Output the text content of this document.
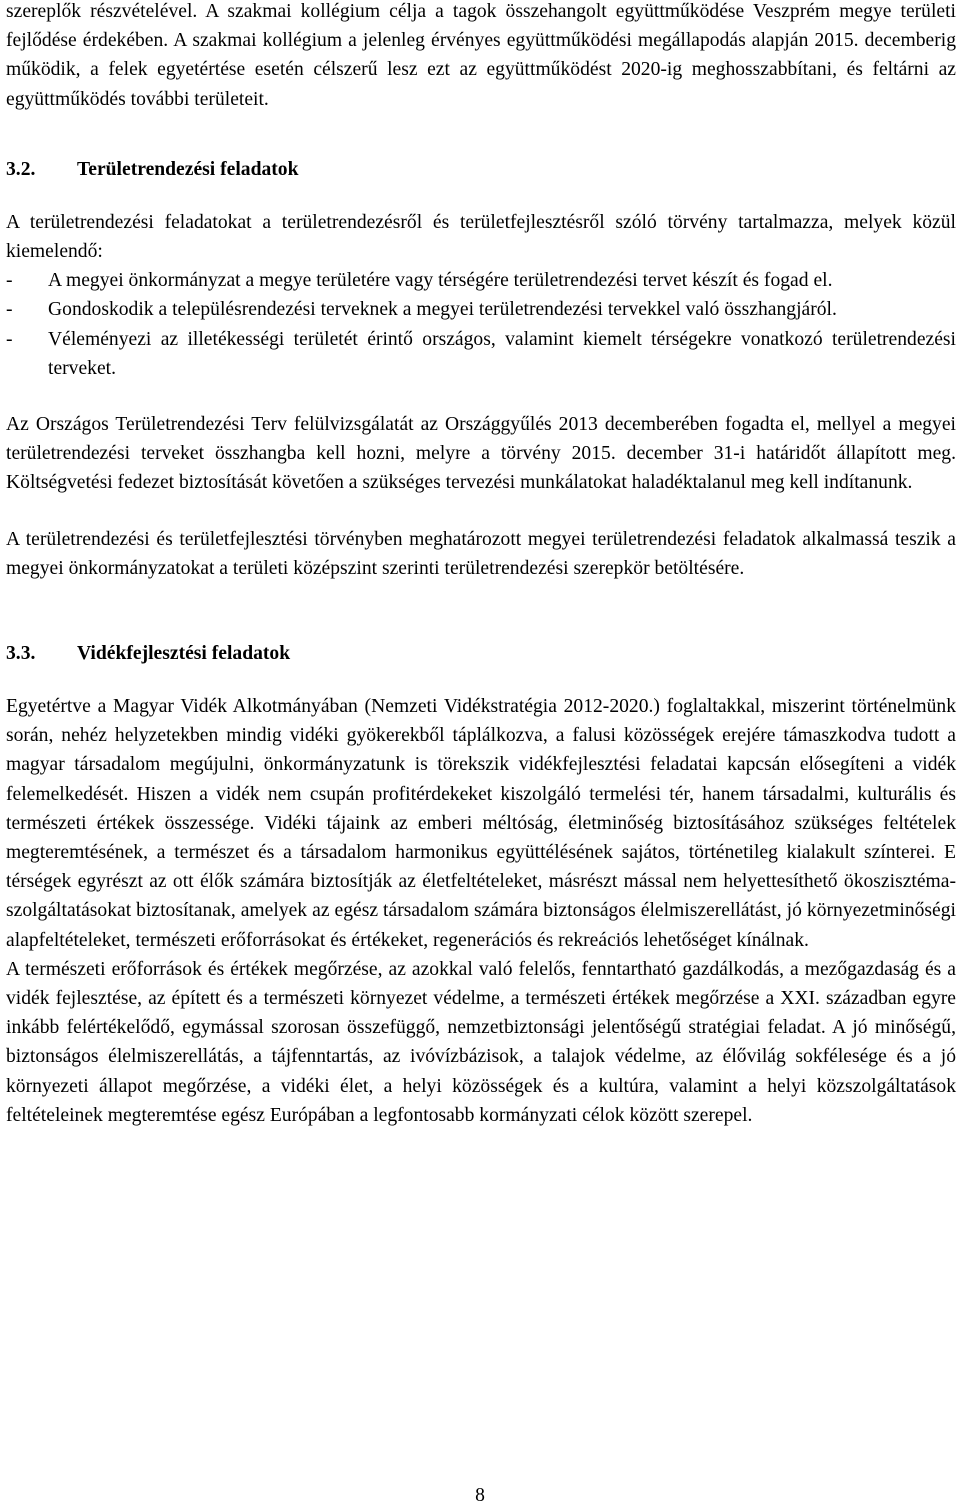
szereplők részvételével. A szakmai kollégium célja a tagok összehangolt együttműködése Veszprém megye területi fejlődése érdekében. A szakmai kollégium a jelenleg érvényes együttműködési megállapodás alapján 2015. decemberig működik, a felek egyetértése esetén célszerű lesz ezt az együttműködést 2020-ig meghosszabbítani, és feltárni az együttműködés további területeit.

3.2.	Területrendezési feladatok

A területrendezési feladatokat a területrendezésről és területfejlesztésről szóló törvény tartalmazza, melyek közül kiemelendő:

- A megyei önkormányzat a megye területére vagy térségére területrendezési tervet készít és fogad el.
- Gondoskodik a településrendezési terveknek a megyei területrendezési tervekkel való összhangjáról.
- Véleményezi az illetékességi területét érintő országos, valamint kiemelt térségekre vonatkozó területrendezési terveket.

Az Országos Területrendezési Terv felülvizsgálatát az Országgyűlés 2013 decemberében fogadta el, mellyel a megyei területrendezési terveket összhangba kell hozni, melyre a törvény 2015. december 31-i határidőt állapított meg. Költségvetési fedezet biztosítását követően a szükséges tervezési munkálatokat haladéktalanul meg kell indítanunk.

A területrendezési és területfejlesztési törvényben meghatározott megyei területrendezési feladatok alkalmassá teszik a megyei önkormányzatokat a területi középszint szerinti területrendezési szerepkör betöltésére.

3.3.	Vidékfejlesztési feladatok

Egyetértve a Magyar Vidék Alkotmányában (Nemzeti Vidékstratégia 2012-2020.) foglaltakkal, miszerint történelmünk során, nehéz helyzetekben mindig vidéki gyökerekből táplálkozva, a falusi közösségek erejére támaszkodva tudott a magyar társadalom megújulni, önkormányzatunk is törekszik vidékfejlesztési feladatai kapcsán elősegíteni a vidék felemelkedését. Hiszen a vidék nem csupán profitérdekeket kiszolgáló termelési tér, hanem társadalmi, kulturális és természeti értékek összessége. Vidéki tájaink az emberi méltóság, életminőség biztosításához szükséges feltételek megteremtésének, a természet és a társadalom harmonikus együttélésének sajátos, történetileg kialakult színterei. E térségek egyrészt az ott élők számára biztosítják az életfeltételeket, másrészt mással nem helyettesíthető ökoszisztéma-szolgáltatásokat biztosítanak, amelyek az egész társadalom számára biztonságos élelmiszerellátást, jó környezetminőségi alapfeltételeket, természeti erőforrásokat és értékeket, regenerációs és rekreációs lehetőséget kínálnak.

A természeti erőforrások és értékek megőrzése, az azokkal való felelős, fenntartható gazdálkodás, a mezőgazdaság és a vidék fejlesztése, az épített és a természeti környezet védelme, a természeti értékek megőrzése a XXI. században egyre inkább felértékelődő, egymással szorosan összefüggő, nemzetbiztonsági jelentőségű stratégiai feladat. A jó minőségű, biztonságos élelmiszerellátás, a tájfenntartás, az ivóvízbázisok, a talajok védelme, az élővilág sokfélesége és a jó környezeti állapot megőrzése, a vidéki élet, a helyi közösségek és a kultúra, valamint a helyi közszolgáltatások feltételeinek megteremtése egész Európában a legfontosabb kormányzati célok között szerepel.

8
